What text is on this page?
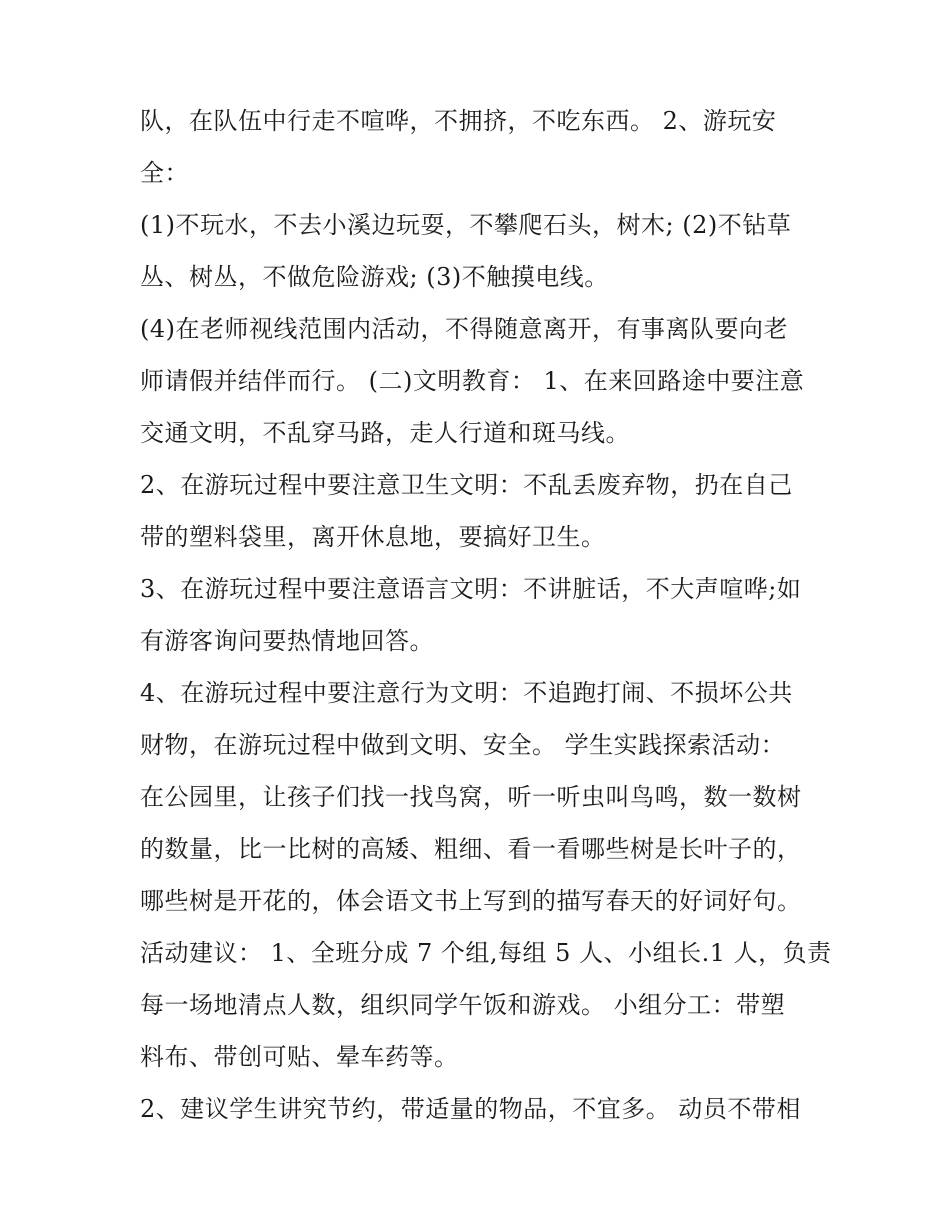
队，在队伍中行走不喧哗，不拥挤，不吃东西。 2、游玩安
全：
(1)不玩水，不去小溪边玩耍，不攀爬石头，树木; (2)不钻草
丛、树丛，不做危险游戏; (3)不触摸电线。
(4)在老师视线范围内活动，不得随意离开，有事离队要向老
师请假并结伴而行。 (二)文明教育： 1、在来回路途中要注意
交通文明，不乱穿马路，走人行道和斑马线。
2、在游玩过程中要注意卫生文明：不乱丢废弃物，扔在自己
带的塑料袋里，离开休息地，要搞好卫生。
3、在游玩过程中要注意语言文明：不讲脏话，不大声喧哗;如
有游客询问要热情地回答。
4、在游玩过程中要注意行为文明：不追跑打闹、不损坏公共
财物，在游玩过程中做到文明、安全。 学生实践探索活动：
在公园里，让孩子们找一找鸟窝，听一听虫叫鸟鸣，数一数树
的数量，比一比树的高矮、粗细、看一看哪些树是长叶子的，
哪些树是开花的，体会语文书上写到的描写春天的好词好句。
活动建议： 1、全班分成 7 个组,每组 5 人、小组长.1 人，负责
每一场地清点人数，组织同学午饭和游戏。 小组分工：带塑
料布、带创可贴、晕车药等。
2、建议学生讲究节约，带适量的物品，不宜多。 动员不带相
